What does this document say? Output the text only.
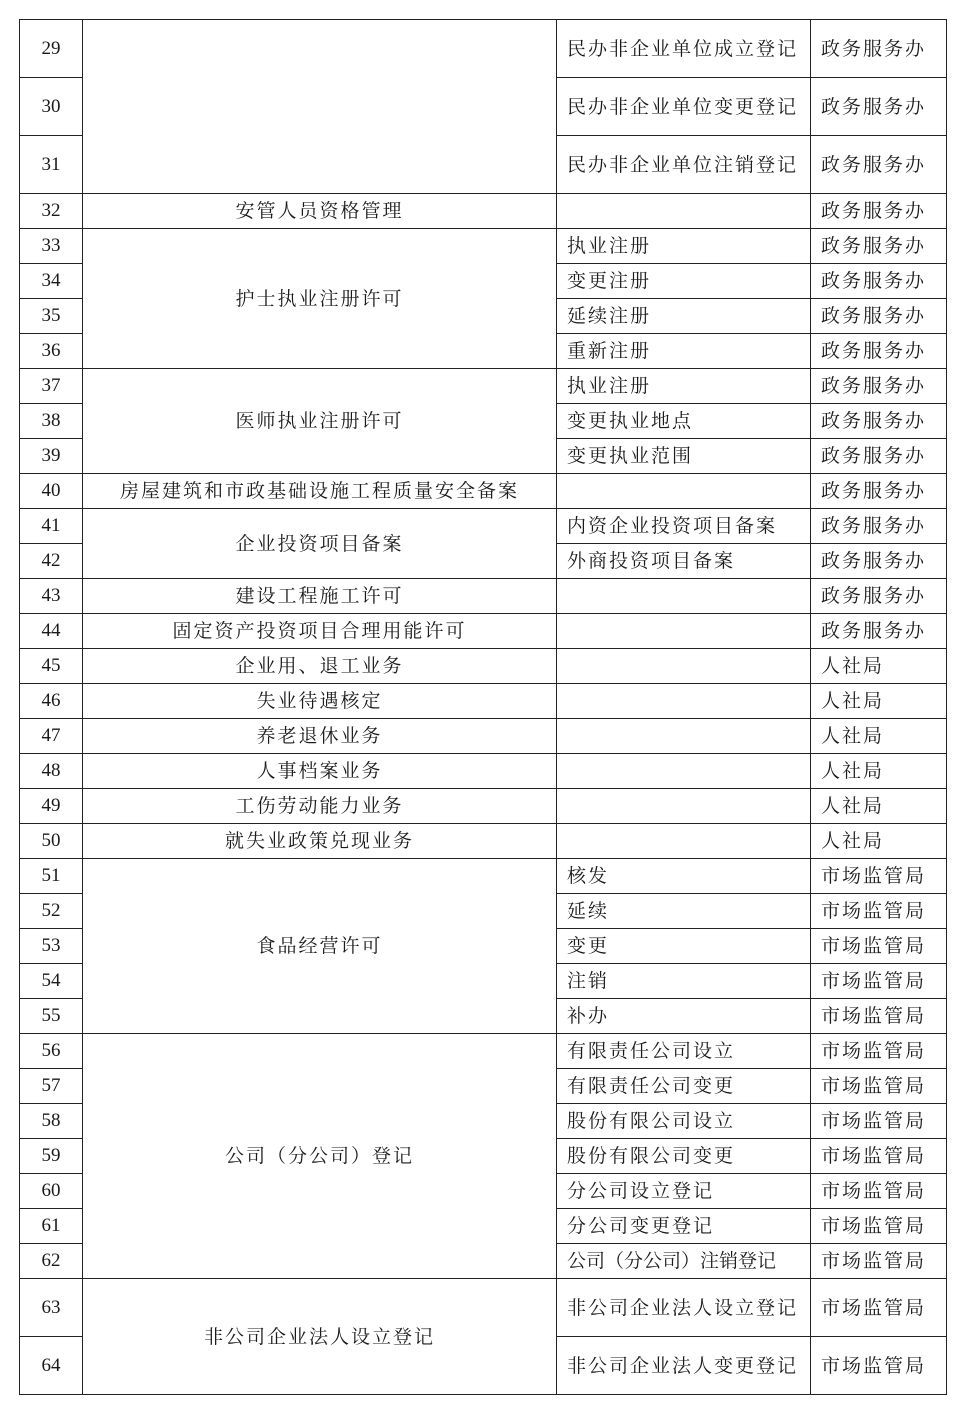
29		民办非企业单位成立登记	政务服务办
30		民办非企业单位变更登记	政务服务办
31		民办非企业单位注销登记	政务服务办
32	安管人员资格管理		政务服务办
33	护士执业注册许可	执业注册	政务服务办
34		变更注册	政务服务办
35		延续注册	政务服务办
36		重新注册	政务服务办
37	医师执业注册许可	执业注册	政务服务办
38		变更执业地点	政务服务办
39		变更执业范围	政务服务办
40	房屋建筑和市政基础设施工程质量安全备案		政务服务办
41	企业投资项目备案	内资企业投资项目备案	政务服务办
42		外商投资项目备案	政务服务办
43	建设工程施工许可		政务服务办
44	固定资产投资项目合理用能许可		政务服务办
45	企业用、退工业务		人社局
46	失业待遇核定		人社局
47	养老退休业务		人社局
48	人事档案业务		人社局
49	工伤劳动能力业务		人社局
50	就失业政策兑现业务		人社局
51	食品经营许可	核发	市场监管局
52		延续	市场监管局
53		变更	市场监管局
54		注销	市场监管局
55		补办	市场监管局
56	公司（分公司）登记	有限责任公司设立	市场监管局
57		有限责任公司变更	市场监管局
58		股份有限公司设立	市场监管局
59		股份有限公司变更	市场监管局
60		分公司设立登记	市场监管局
61		分公司变更登记	市场监管局
62		公司（分公司）注销登记	市场监管局
63	非公司企业法人设立登记	非公司企业法人设立登记	市场监管局
64		非公司企业法人变更登记	市场监管局
